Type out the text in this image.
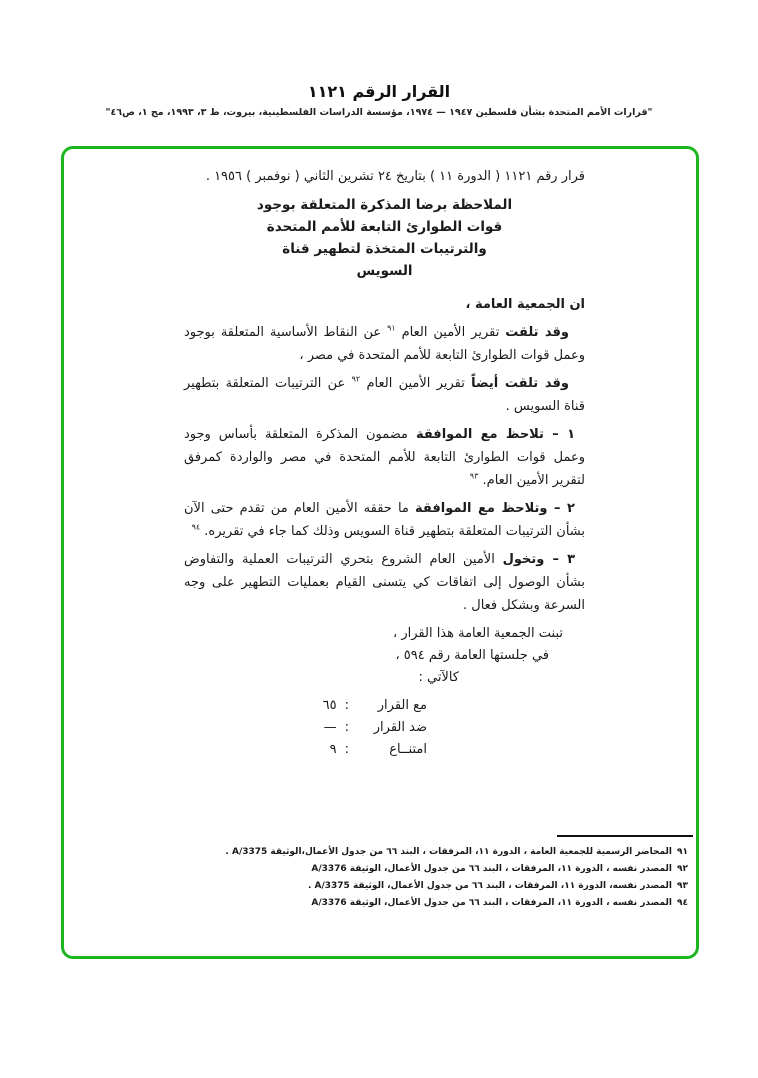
القرار الرقم ١١٢١
"قرارات الأمم المتحدة بشأن فلسطين ١٩٤٧ — ١٩٧٤، مؤسسة الدراسات الفلسطينية، بيروت، ط ٣، ١٩٩٣، مج ١، ص٤٦"

قرار رقم ١١٢١ ( الدورة ١١ ) بتاريخ ٢٤ تشرين الثاني ( نوفمبر ) ١٩٥٦ .

الملاحظة برضا المذكرة المتعلقة بوجود
قوات الطوارئ التابعة للأمم المتحدة
والترتيبات المتخذة لتطهير قناة
السويس

ان الجمعية العامة ،

وقد تلقت تقرير الأمين العام $^{٩١}$ عن النقاط الأساسية المتعلقة بوجود وعمل قوات الطوارئ التابعة للأمم المتحدة في مصر ،

وقد تلقت أيضاً تقرير الأمين العام $^{٩٢}$ عن الترتيبات المتعلقة بتطهير قناة السويس .

١ – تلاحظ مع الموافقة مضمون المذكرة المتعلقة بأساس وجود وعمل قوات الطوارئ التابعة للأمم المتحدة في مصر والواردة كمرفق لتقرير الأمين العام. $^{٩٣}$

٢ – وتلاحظ مع الموافقة ما حققه الأمين العام من تقدم حتى الآن بشأن الترتيبات المتعلقة بتطهير قناة السويس وذلك كما جاء في تقريره. $^{٩٤}$

٣ – وتخول الأمين العام الشروع بتحري الترتيبات العملية والتفاوض بشأن الوصول إلى اتفاقات كي يتسنى القيام بعمليات التطهير على وجه السرعة وبشكل فعال .

تبنت الجمعية العامة هذا القرار ،
في جلستها العامة رقم ٥٩٤ ،
كالآتي :
مع القرار
:
٦٥
ضد القرار
:
—
امتنــاع
:
٩
٩١المحاضر الرسمية للجمعية العامة ، الدورة ١١، المرفقات ، البند ٦٦ من جدول الأعمال،الوثيقة A/3375 .
٩٢المصدر نفسه ، الدورة ١١، المرفقات ، البند ٦٦ من جدول الأعمال، الوثيقة A/3376
٩٣المصدر نفسه، الدورة ١١، المرفقات ، البند ٦٦ من جدول الأعمال، الوثيقة A/3375 .
٩٤المصدر نفسه ، الدورة ١١، المرفقات ، البند ٦٦ من جدول الأعمال، الوثيقة A/3376
